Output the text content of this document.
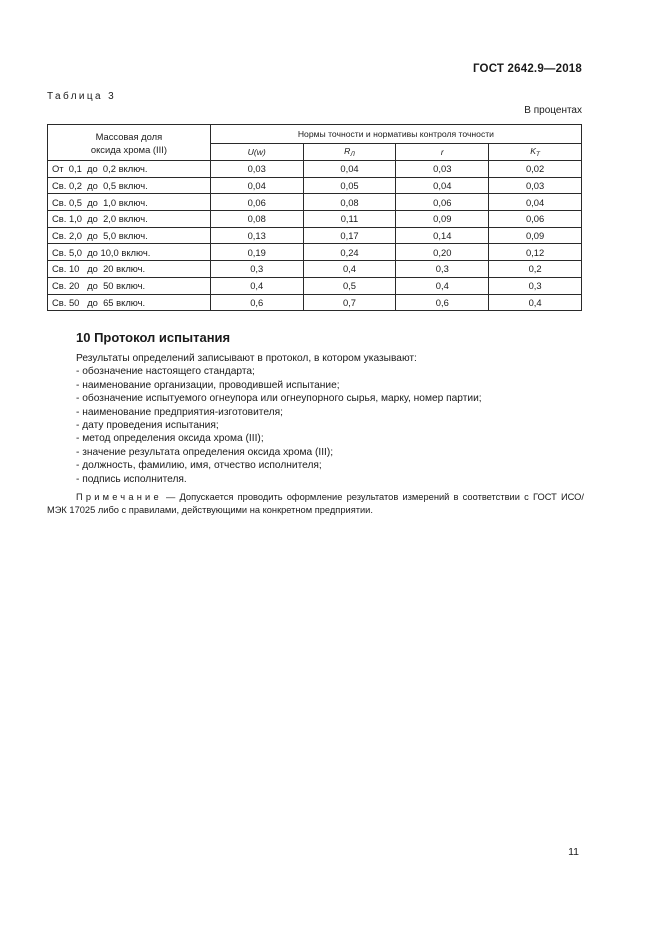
ГОСТ 2642.9—2018
Таблица 3
В процентах
Массовая доля
оксида хрома (III)	Нормы точности и нормативы контроля точности			
	U(w)	$R_Л$	r	$K_Т$
От  0,1  до  0,2 включ.	0,03	0,04	0,03	0,02
Св. 0,2  до  0,5 включ.	0,04	0,05	0,04	0,03
Св. 0,5  до  1,0 включ.	0,06	0,08	0,06	0,04
Св. 1,0  до  2,0 включ.	0,08	0,11	0,09	0,06
Св. 2,0  до  5,0 включ.	0,13	0,17	0,14	0,09
Св. 5,0  до 10,0 включ.	0,19	0,24	0,20	0,12
Св. 10   до  20 включ.	0,3	0,4	0,3	0,2
Св. 20   до  50 включ.	0,4	0,5	0,4	0,3
Св. 50   до  65 включ.	0,6	0,7	0,6	0,4
10 Протокол испытания
Результаты определений записывают в протокол, в котором указывают:
- обозначение настоящего стандарта;
- наименование организации, проводившей испытание;
- обозначение испытуемого огнеупора или огнеупорного сырья, марку, номер партии;
- наименование предприятия-изготовителя;
- дату проведения испытания;
- метод определения оксида хрома (III);
- значение результата определения оксида хрома (III);
- должность, фамилию, имя, отчество исполнителя;
- подпись исполнителя.
Примечание — Допускается проводить оформление результатов измерений в соответствии с ГОСТ ИСО/МЭК 17025 либо с правилами, действующими на конкретном предприятии.
11
